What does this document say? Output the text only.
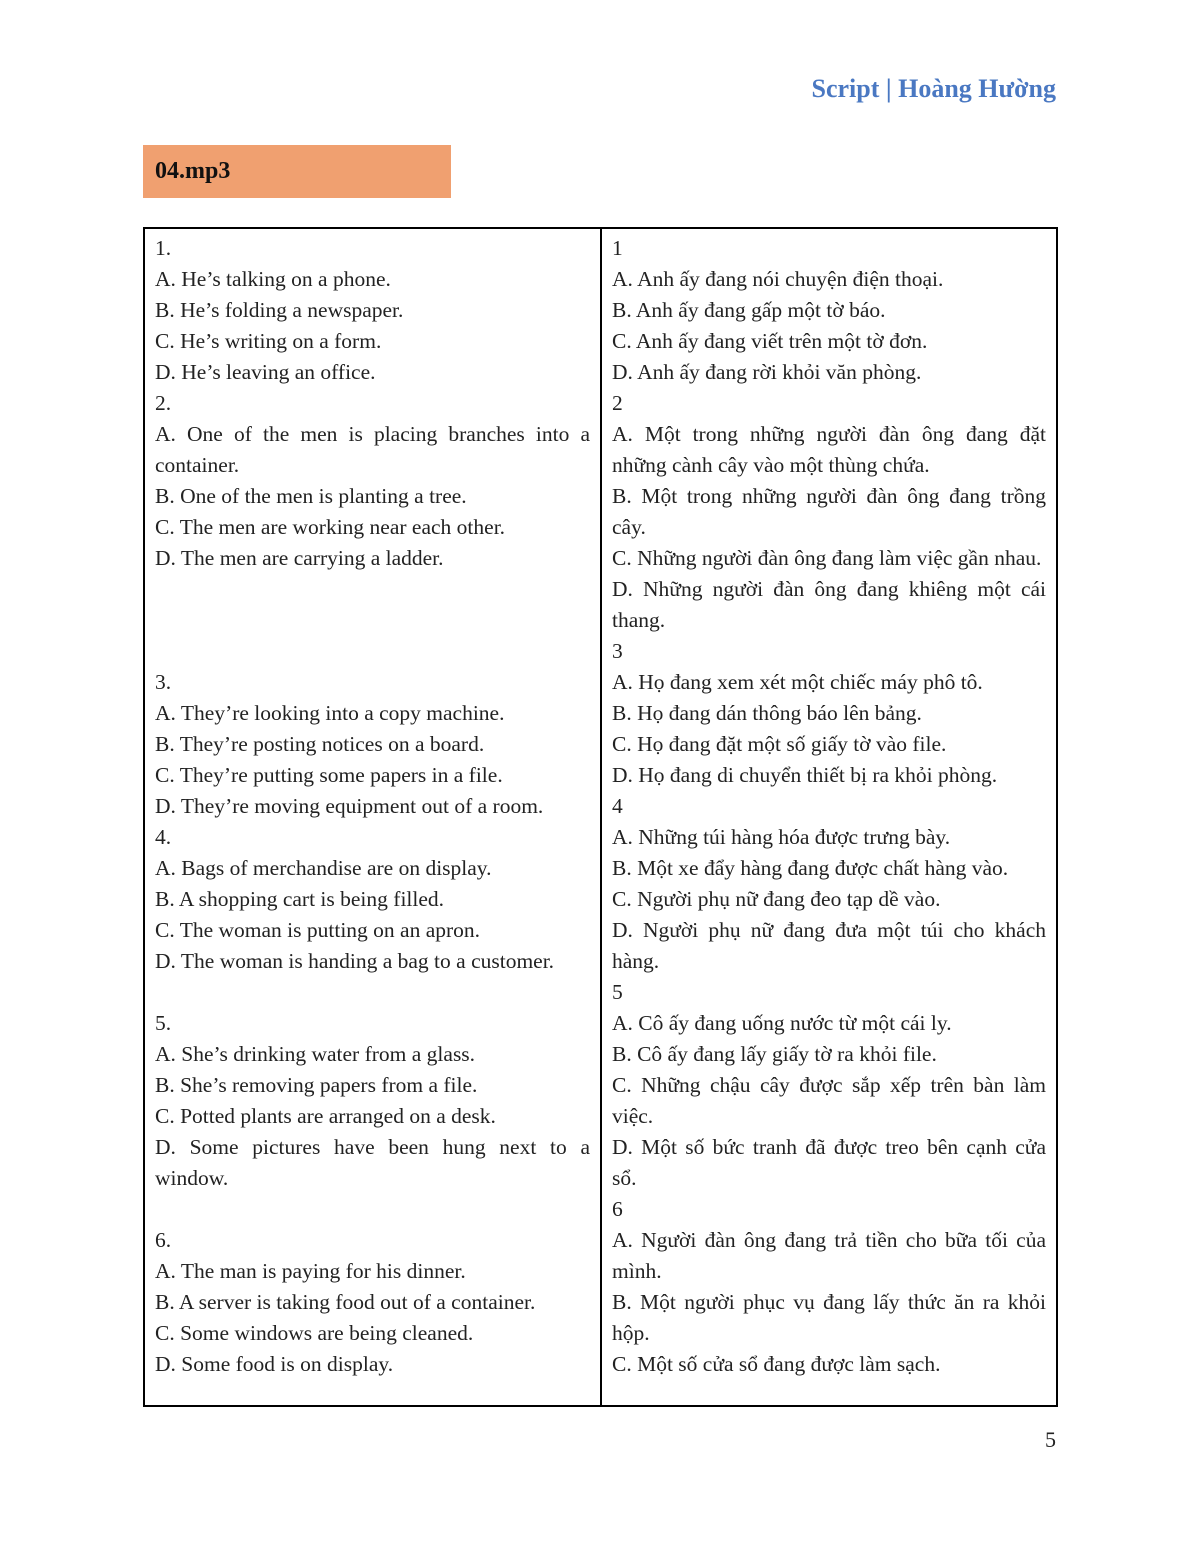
Script | Hoàng Hường
04.mp3

1.

A. He’s talking on a phone.

B. He’s folding a newspaper.

C. He’s writing on a form.

D. He’s leaving an office.

2.

A. One of the men is placing branches into a container.

B. One of the men is planting a tree.

C. The men are working near each other.

D. The men are carrying a ladder.

3.

A. They’re looking into a copy machine.

B. They’re posting notices on a board.

C. They’re putting some papers in a file.

D. They’re moving equipment out of a room.

4.

A. Bags of merchandise are on display.

B. A shopping cart is being filled.

C. The woman is putting on an apron.

D. The woman is handing a bag to a customer.

5.

A. She’s drinking water from a glass.

B. She’s removing papers from a file.

C. Potted plants are arranged on a desk.

D. Some pictures have been hung next to a window.

6.

A. The man is paying for his dinner.

B. A server is taking food out of a container.

C. Some windows are being cleaned.

D. Some food is on display.

1

A. Anh ấy đang nói chuyện điện thoại.

B. Anh ấy đang gấp một tờ báo.

C. Anh ấy đang viết trên một tờ đơn.

D. Anh ấy đang rời khỏi văn phòng.

2

A. Một trong những người đàn ông đang đặt những cành cây vào một thùng chứa.

B. Một trong những người đàn ông đang trồng cây.

C. Những người đàn ông đang làm việc gần nhau.

D. Những người đàn ông đang khiêng một cái thang.

3

A. Họ đang xem xét một chiếc máy phô tô.

B. Họ đang dán thông báo lên bảng.

C. Họ đang đặt một số giấy tờ vào file.

D. Họ đang di chuyển thiết bị ra khỏi phòng.

4

A. Những túi hàng hóa được trưng bày.

B. Một xe đẩy hàng đang được chất hàng vào.

C. Người phụ nữ đang đeo tạp dề vào.

D. Người phụ nữ đang đưa một túi cho khách hàng.

5

A. Cô ấy đang uống nước từ một cái ly.

B. Cô ấy đang lấy giấy tờ ra khỏi file.

C. Những chậu cây được sắp xếp trên bàn làm việc.

D. Một số bức tranh đã được treo bên cạnh cửa sổ.

6

A. Người đàn ông đang trả tiền cho bữa tối của mình.

B. Một người phục vụ đang lấy thức ăn ra khỏi hộp.

C. Một số cửa sổ đang được làm sạch.

5
